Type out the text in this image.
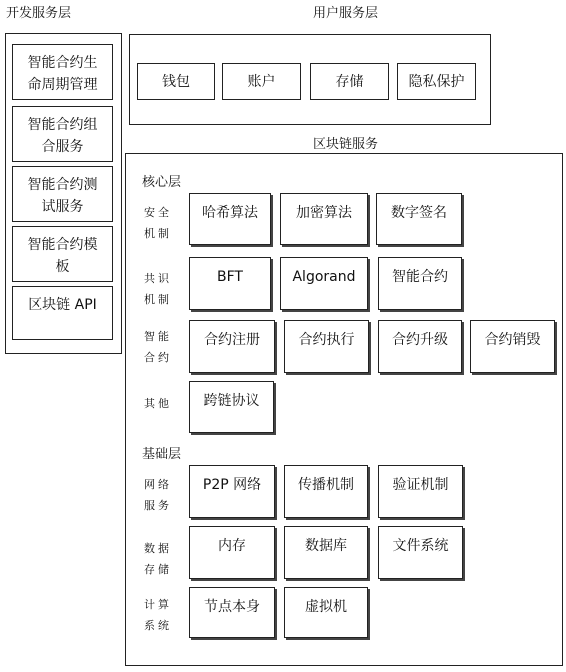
开发服务层
智能合约生命周期管理
智能合约组合服务
智能合约测试服务
智能合约模板
区块链 API
用户服务层
钱包	账户	存储	隐私保护
区块链服务
核心层
安全机制
哈希算法	加密算法	数字签名
共识机制
BFT	Algorand	智能合约
智能合约
合约注册	合约执行	合约升级	合约销毁
其他	跨链协议
基础层
网络服务
P2P 网络	传播机制	验证机制
数据存储
内存	数据库	文件系统
计算系统
节点本身	虚拟机
